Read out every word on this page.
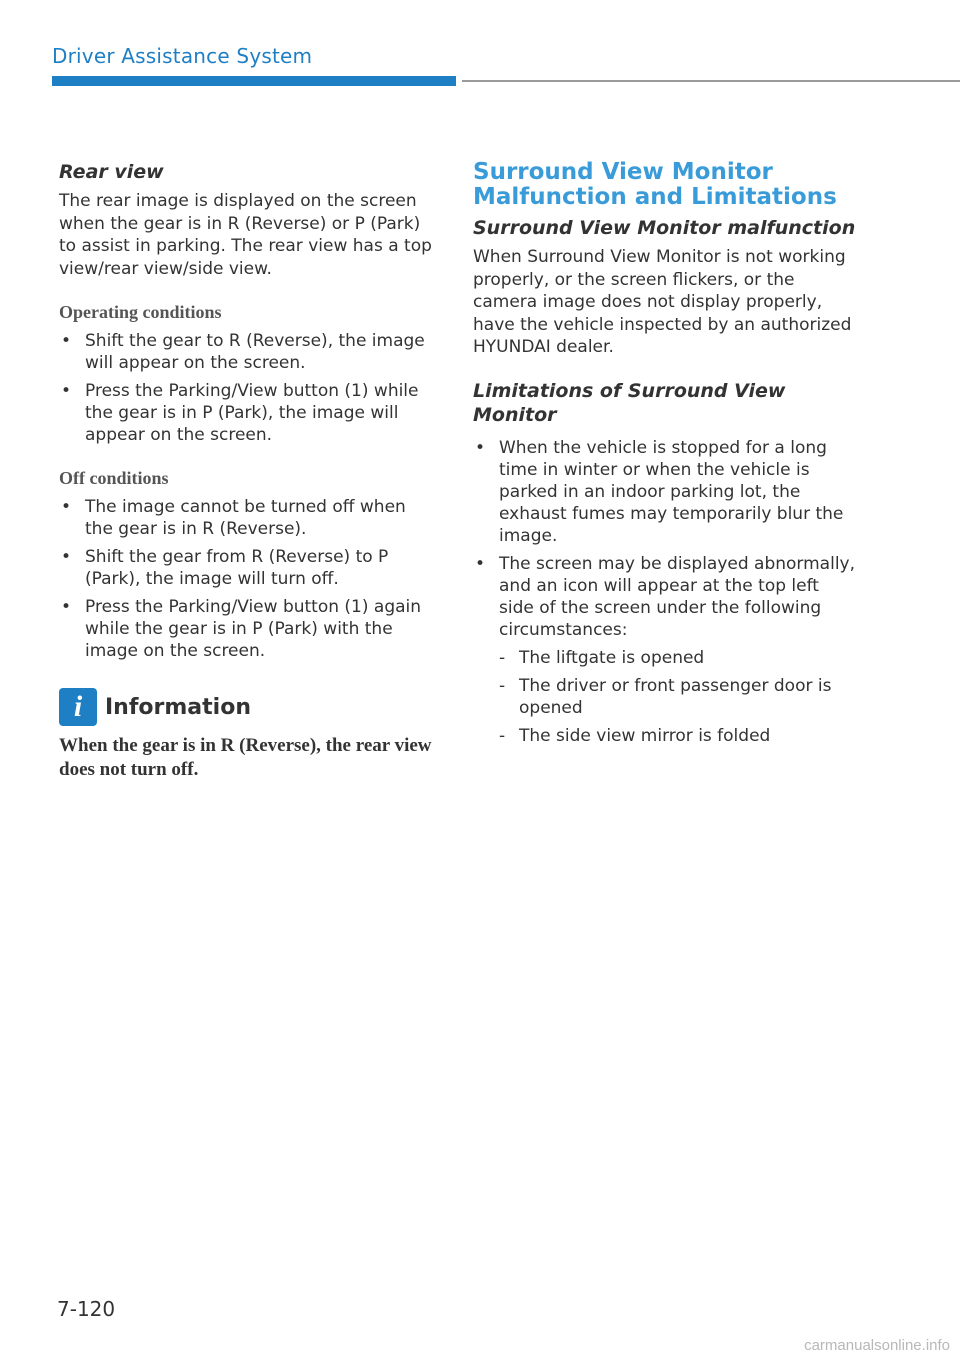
Driver Assistance System
Rear view

The rear image is displayed on the screen when the gear is in R (Reverse) or P (Park) to assist in parking. The rear view has a top view/rear view/side view.

Operating conditions
• Shift the gear to R (Reverse), the image will appear on the screen.
• Press the Parking/View button (1) while the gear is in P (Park), the image will appear on the screen.
Off conditions
• The image cannot be turned off when the gear is in R (Reverse).
• Shift the gear from R (Reverse) to P (Park), the image will turn off.
• Press the Parking/View button (1) again while the gear is in P (Park) with the image on the screen.
i	Information

When the gear is in R (Reverse), the rear view does not turn off.

Surround View Monitor
Malfunction and Limitations
Surround View Monitor malfunction

When Surround View Monitor is not working properly, or the screen flickers, or the camera image does not display properly, have the vehicle inspected by an authorized HYUNDAI dealer.

Limitations of Surround View
Monitor
• When the vehicle is stopped for a long time in winter or when the vehicle is parked in an indoor parking lot, the exhaust fumes may temporarily blur the image.
• The screen may be displayed abnormally, and an icon will appear at the top left side of the screen under the following circumstances:
- The liftgate is opened
- The driver or front passenger door is opened
- The side view mirror is folded
7-120
carmanualsonline.info
